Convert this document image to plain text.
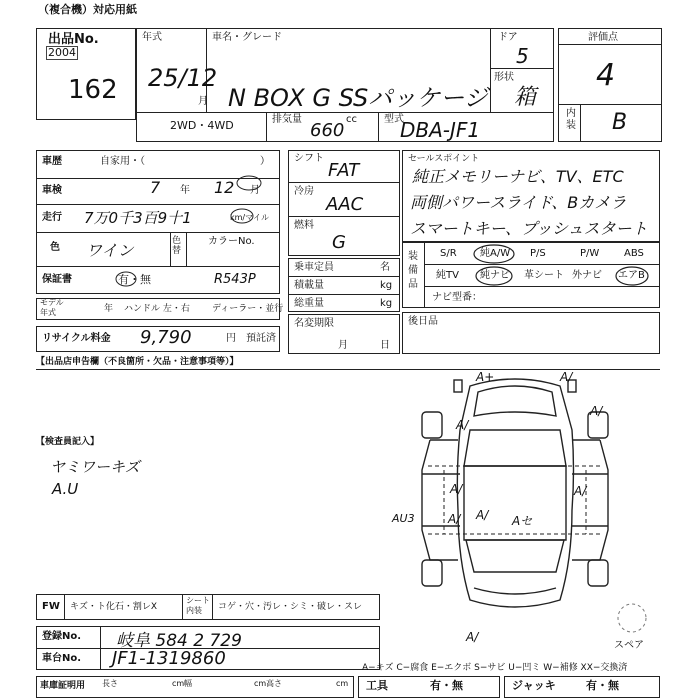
（複合機）対応用紙
出品No.
2004
162
年式
25/12
月
車名・グレード
N BOX G SSパッケージ
ドア
5
形状
箱
2WD・4WD	排気量	cc
660
型式
DBA-JF1
評価点
4
内装 B
車歴	自家用・（	）
車検	7 年 12 月
走行 7万0千3百9十1	km/マイル
色 ワイン	色替
カラーNo.
保証書	有・無	R543P
モデル年式	年 ハンドル 左・右 ディーラー・並行
リサイクル料金 9,790	円 預託済
シフト
FAT
冷房
AAC
燃料
G
乗車定員	名
積載量	kg
総重量	kg
名変期限
月	日
セールスポイント
純正メモリーナビ、TV、ETC
両側パワースライド、Bカメラ
スマートキー、プッシュスタート
装備品
S/R 純A/W P/S	P/W ABS
純TV 純ナビ 革シート 外ナビ エアB
ナビ型番：
後日品
【出品店申告欄（不良箇所・欠品・注意事項等）】
【検査員記入】
ヤミワーキズ
A.U
A+	A/
A/
A/
A/	A/
AU3	A/ A/ Aセ
A/
スペア
FW キズ・ト化石・割レX
シート内装	コゲ・穴・汚レ・シミ・破レ・スレ
登録No. 岐阜 584 2 729
車台No. JF1-1319860	A−キズ C−腐食 E−エクボ S−サビ U−凹ミ W−補修 XX−交換済
車庫証明用 長さ	cm 幅	cm 高さ	cm 工具	有・無	ジャッキ	有・無
